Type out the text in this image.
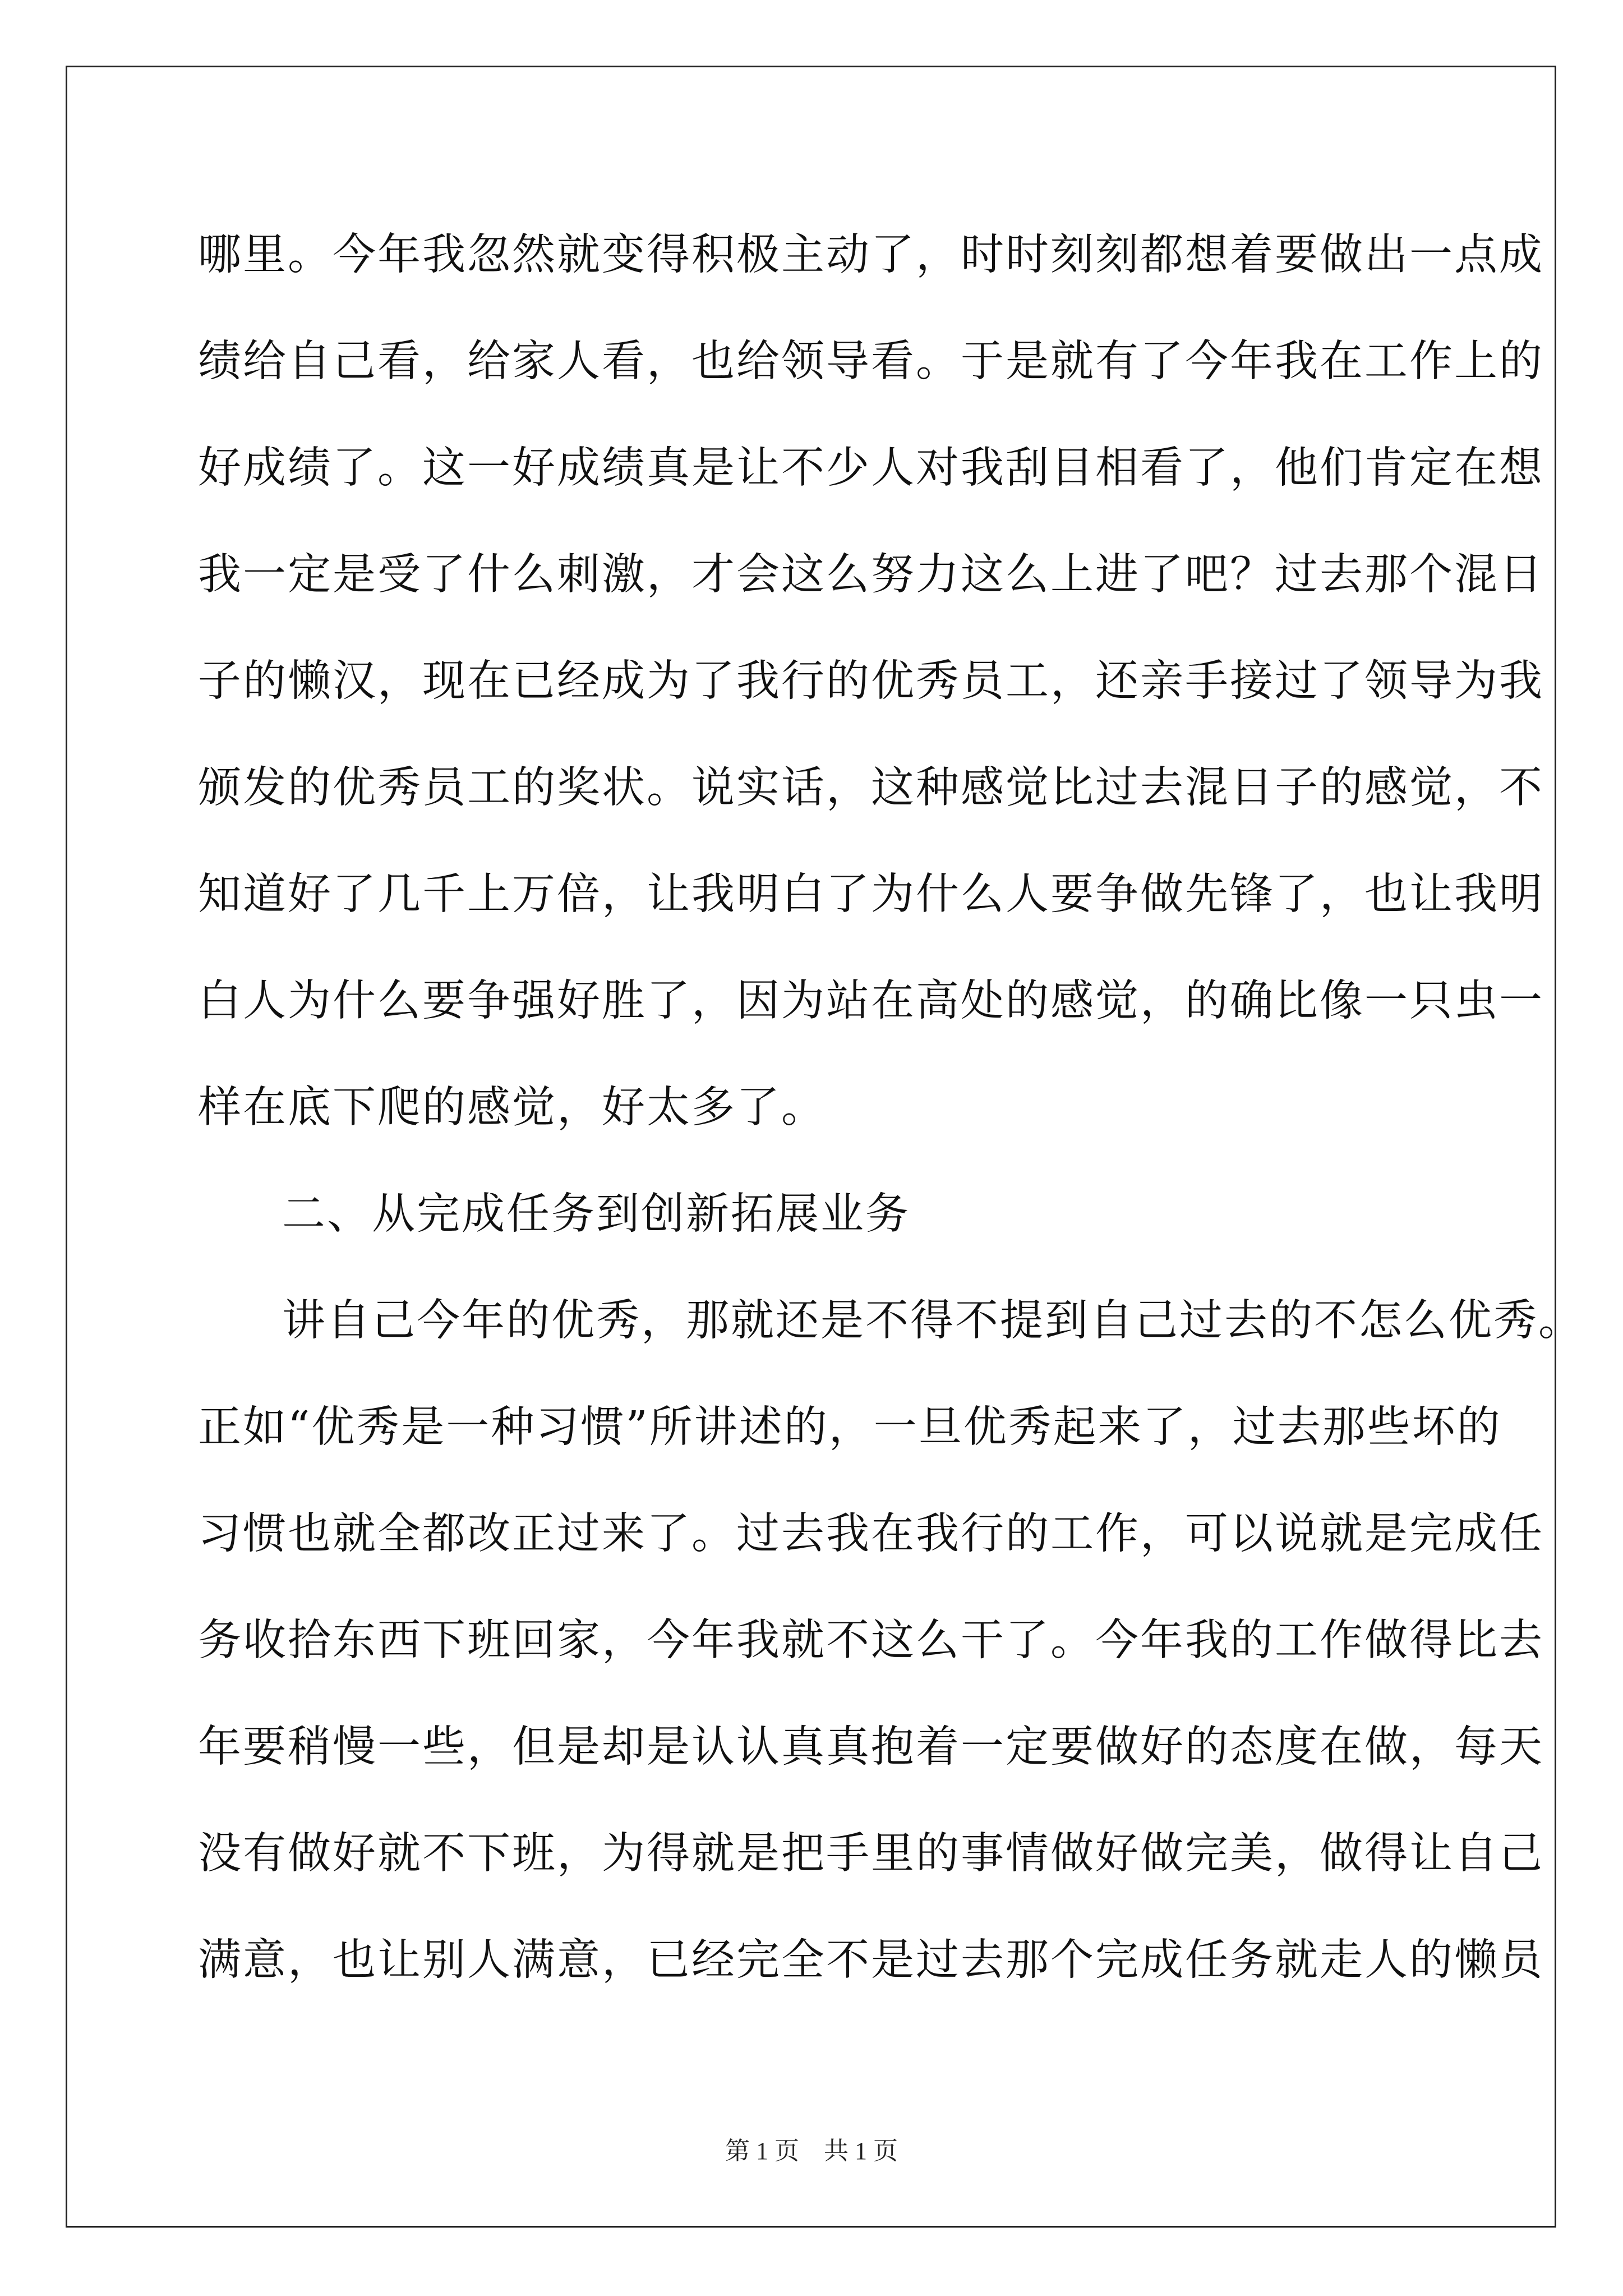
哪里。今年我忽然就变得积极主动了，时时刻刻都想着要做出一点成
绩给自己看，给家人看，也给领导看。于是就有了今年我在工作上的
好成绩了。这一好成绩真是让不少人对我刮目相看了，他们肯定在想
我一定是受了什么刺激，才会这么努力这么上进了吧？过去那个混日
子的懒汉，现在已经成为了我行的优秀员工，还亲手接过了领导为我
颁发的优秀员工的奖状。说实话，这种感觉比过去混日子的感觉，不
知道好了几千上万倍，让我明白了为什么人要争做先锋了，也让我明
白人为什么要争强好胜了，因为站在高处的感觉，的确比像一只虫一
样在底下爬的感觉，好太多了。
二、从完成任务到创新拓展业务
讲自己今年的优秀，那就还是不得不提到自己过去的不怎么优秀。
正如“优秀是一种习惯”所讲述的，一旦优秀起来了，过去那些坏的
习惯也就全都改正过来了。过去我在我行的工作，可以说就是完成任
务收拾东西下班回家，今年我就不这么干了。今年我的工作做得比去
年要稍慢一些，但是却是认认真真抱着一定要做好的态度在做，每天
没有做好就不下班，为得就是把手里的事情做好做完美，做得让自己
满意，也让别人满意，已经完全不是过去那个完成任务就走人的懒员
第 1 页    共 1 页
